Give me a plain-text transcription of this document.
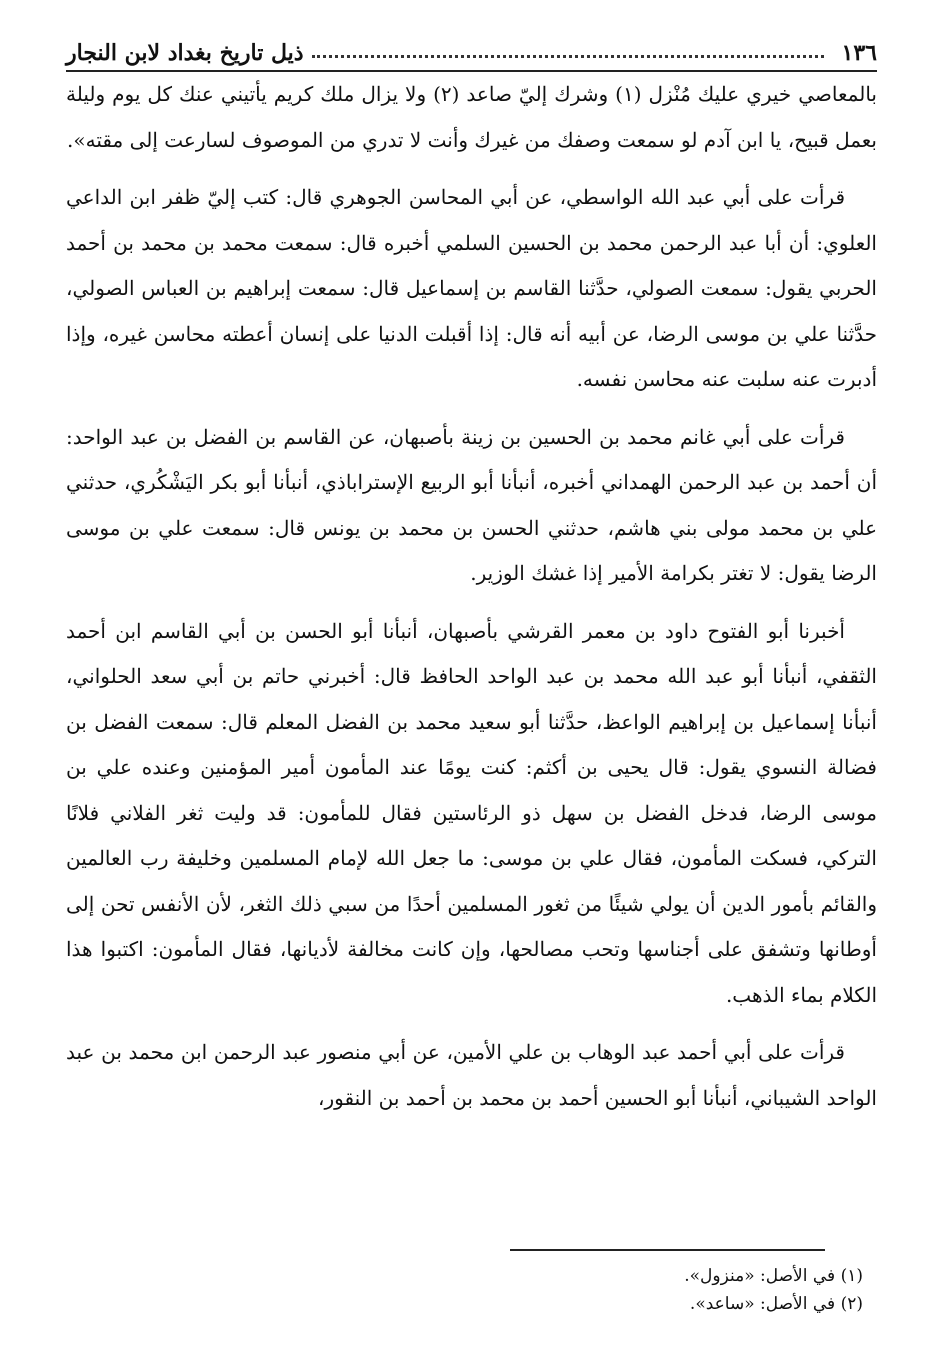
١٣٦
ذيل تاريخ بغداد لابن النجار

بالمعاصي خيري عليك مُنْزل (١) وشرك إليّ صاعد (٢) ولا يزال ملك كريم يأتيني عنك كل يوم وليلة بعمل قبيح، يا ابن آدم لو سمعت وصفك من غيرك وأنت لا تدري من الموصوف لسارعت إلى مقته».

قرأت على أبي عبد الله الواسطي، عن أبي المحاسن الجوهري قال: كتب إليّ ظفر ابن الداعي العلوي: أن أبا عبد الرحمن محمد بن الحسين السلمي أخبره قال: سمعت محمد بن محمد بن أحمد الحربي يقول: سمعت الصولي، حدَّثنا القاسم بن إسماعيل قال: سمعت إبراهيم بن العباس الصولي، حدَّثنا علي بن موسى الرضا، عن أبيه أنه قال: إذا أقبلت الدنيا على إنسان أعطته محاسن غيره، وإذا أدبرت عنه سلبت عنه محاسن نفسه.

قرأت على أبي غانم محمد بن الحسين بن زينة بأصبهان، عن القاسم بن الفضل بن عبد الواحد: أن أحمد بن عبد الرحمن الهمداني أخبره، أنبأنا أبو الربيع الإستراباذي، أنبأنا أبو بكر اليَشْكُري، حدثني علي بن محمد مولى بني هاشم، حدثني الحسن بن محمد بن يونس قال: سمعت علي بن موسى الرضا يقول: لا تغتر بكرامة الأمير إذا غشك الوزير.

أخبرنا أبو الفتوح داود بن معمر القرشي بأصبهان، أنبأنا أبو الحسن بن أبي القاسم ابن أحمد الثقفي، أنبأنا أبو عبد الله محمد بن عبد الواحد الحافظ قال: أخبرني حاتم بن أبي سعد الحلواني، أنبأنا إسماعيل بن إبراهيم الواعظ، حدَّثنا أبو سعيد محمد بن الفضل المعلم قال: سمعت الفضل بن فضالة النسوي يقول: قال يحيى بن أكثم: كنت يومًا عند المأمون أمير المؤمنين وعنده علي بن موسى الرضا، فدخل الفضل بن سهل ذو الرئاستين فقال للمأمون: قد وليت ثغر الفلاني فلانًا التركي، فسكت المأمون، فقال علي بن موسى: ما جعل الله لإمام المسلمين وخليفة رب العالمين والقائم بأمور الدين أن يولي شيئًا من ثغور المسلمين أحدًا من سبي ذلك الثغر، لأن الأنفس تحن إلى أوطانها وتشفق على أجناسها وتحب مصالحها، وإن كانت مخالفة لأديانها، فقال المأمون: اكتبوا هذا الكلام بماء الذهب.

قرأت على أبي أحمد عبد الوهاب بن علي الأمين، عن أبي منصور عبد الرحمن ابن محمد بن عبد الواحد الشيباني، أنبأنا أبو الحسين أحمد بن محمد بن أحمد بن النقور،

(١) في الأصل: «منزول».
(٢) في الأصل: «ساعد».
